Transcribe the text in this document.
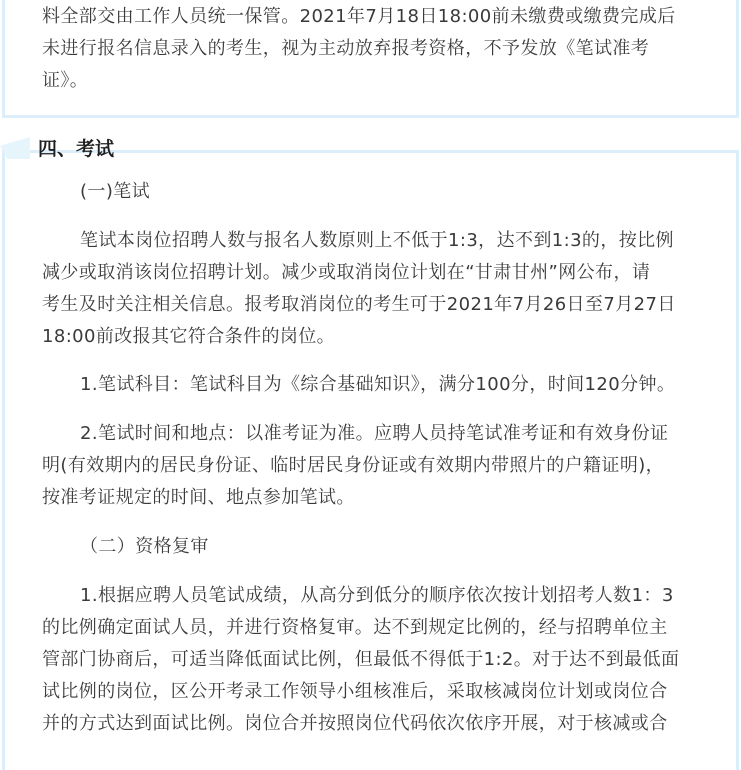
料全部交由工作人员统一保管。2021年7月18日18:00前未缴费或缴费完成后

未进行报名信息录入的考生，视为主动放弃报考资格，不予发放《笔试准考

证》。

四、考试

(一)笔试

笔试本岗位招聘人数与报名人数原则上不低于1:3，达不到1:3的，按比例

减少或取消该岗位招聘计划。减少或取消岗位计划在“甘肃甘州”网公布，请

考生及时关注相关信息。报考取消岗位的考生可于2021年7月26日至7月27日

18:00前改报其它符合条件的岗位。

1.笔试科目：笔试科目为《综合基础知识》，满分100分，时间120分钟。

2.笔试时间和地点：以准考证为准。应聘人员持笔试准考证和有效身份证

明(有效期内的居民身份证、临时居民身份证或有效期内带照片的户籍证明)，

按准考证规定的时间、地点参加笔试。

（二）资格复审

1.根据应聘人员笔试成绩，从高分到低分的顺序依次按计划招考人数1：3

的比例确定面试人员，并进行资格复审。达不到规定比例的，经与招聘单位主

管部门协商后，可适当降低面试比例，但最低不得低于1:2。对于达不到最低面

试比例的岗位，区公开考录工作领导小组核准后，采取核减岗位计划或岗位合

并的方式达到面试比例。岗位合并按照岗位代码依次依序开展，对于核减或合
